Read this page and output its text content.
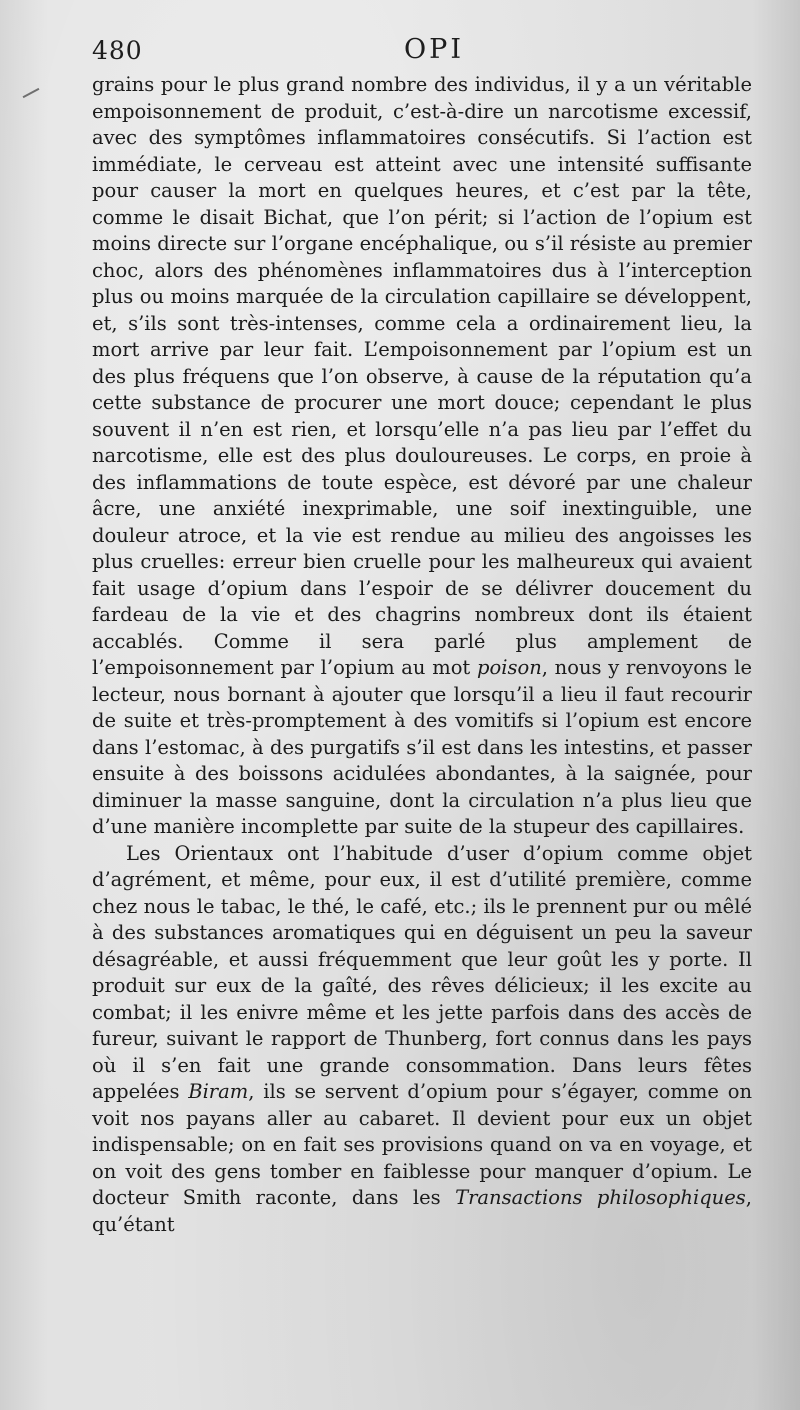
480	OPI

grains pour le plus grand nombre des individus, il y a un véritable empoisonnement de produit, c’est-à-dire un narcotisme excessif, avec des symptômes inflammatoires consécutifs. Si l’action est immédiate, le cerveau est atteint avec une intensité suffisante pour causer la mort en quelques heures, et c’est par la tête, comme le disait Bichat, que l’on périt; si l’action de l’opium est moins directe sur l’organe encéphalique, ou s’il résiste au premier choc, alors des phénomènes inflammatoires dus à l’interception plus ou moins marquée de la circulation capillaire se développent, et, s’ils sont très-intenses, comme cela a ordinairement lieu, la mort arrive par leur fait. L’empoisonnement par l’opium est un des plus fréquens que l’on observe, à cause de la réputation qu’a cette substance de procurer une mort douce; cependant le plus souvent il n’en est rien, et lorsqu’elle n’a pas lieu par l’effet du narcotisme, elle est des plus douloureuses. Le corps, en proie à des inflammations de toute espèce, est dévoré par une chaleur âcre, une anxiété inexprimable, une soif inextinguible, une douleur atroce, et la vie est rendue au milieu des angoisses les plus cruelles: erreur bien cruelle pour les malheureux qui avaient fait usage d’opium dans l’espoir de se délivrer doucement du fardeau de la vie et des chagrins nombreux dont ils étaient accablés. Comme il sera parlé plus amplement de l’empoisonnement par l’opium au mot poison, nous y renvoyons le lecteur, nous bornant à ajouter que lorsqu’il a lieu il faut recourir de suite et très-promptement à des vomitifs si l’opium est encore dans l’estomac, à des purgatifs s’il est dans les intestins, et passer ensuite à des boissons acidulées abondantes, à la saignée, pour diminuer la masse sanguine, dont la circulation n’a plus lieu que d’une manière incomplette par suite de la stupeur des capillaires.

Les Orientaux ont l’habitude d’user d’opium comme objet d’agrément, et même, pour eux, il est d’utilité première, comme chez nous le tabac, le thé, le café, etc.; ils le prennent pur ou mêlé à des substances aromatiques qui en déguisent un peu la saveur désagréable, et aussi fréquemment que leur goût les y porte. Il produit sur eux de la gaîté, des rêves délicieux; il les excite au combat; il les enivre même et les jette parfois dans des accès de fureur, suivant le rapport de Thunberg, fort connus dans les pays où il s’en fait une grande consommation. Dans leurs fêtes appelées Biram, ils se servent d’opium pour s’égayer, comme on voit nos payans aller au cabaret. Il devient pour eux un objet indispensable; on en fait ses provisions quand on va en voyage, et on voit des gens tomber en faiblesse pour manquer d’opium. Le docteur Smith raconte, dans les Transactions philosophiques, qu’étant
